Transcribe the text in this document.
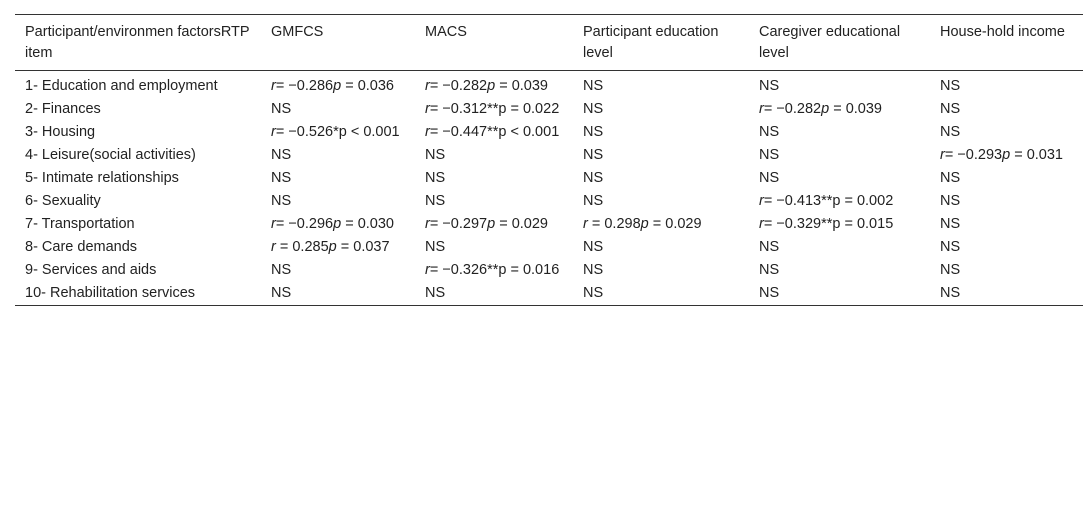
Participant/environmen factorsRTP item	GMFCS	MACS	Participant education level	Caregiver educational level	House-hold income
1- Education and employment	r= −0.286p = 0.036	r= −0.282p = 0.039	NS	NS	NS
2- Finances	NS	r= −0.312**p = 0.022	NS	r= −0.282p = 0.039	NS
3- Housing	r= −0.526*p < 0.001	r= −0.447**p < 0.001	NS	NS	NS
4- Leisure(social activities)	NS	NS	NS	NS	r= −0.293p = 0.031
5- Intimate relationships	NS	NS	NS	NS	NS
6- Sexuality	NS	NS	NS	r= −0.413**p = 0.002	NS
7- Transportation	r= −0.296p = 0.030	r= −0.297p = 0.029	r = 0.298p = 0.029	r= −0.329**p = 0.015	NS
8- Care demands	r = 0.285p = 0.037	NS	NS	NS	NS
9- Services and aids	NS	r= −0.326**p = 0.016	NS	NS	NS
10- Rehabilitation services	NS	NS	NS	NS	NS
